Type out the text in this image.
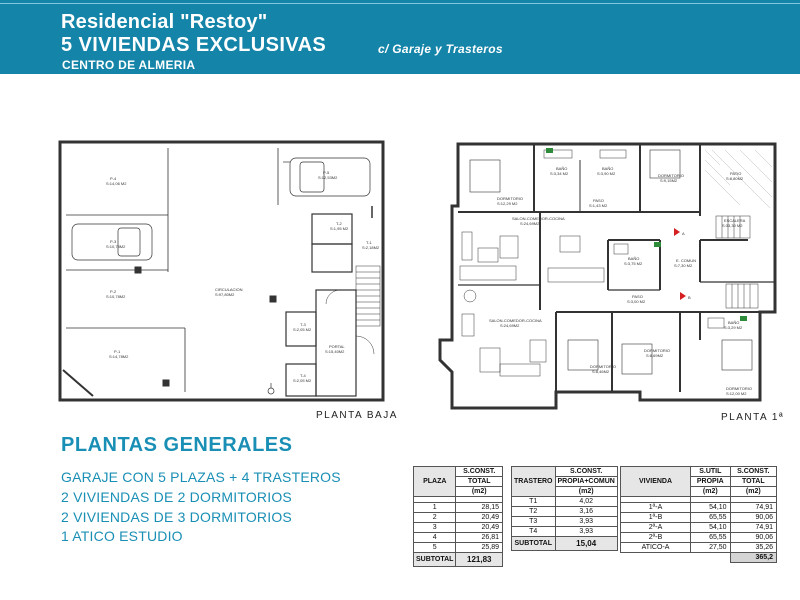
Residencial "Restoy"
5 VIVIENDAS EXCLUSIVAS
CENTRO DE ALMERIA
c/ Garaje y Trasteros
P-4
S:14,06 M2
P-5
S:12,53M2
P-3
S:10,78M2
P-2
S:10,78M2
P-1
S:14,78M2
CIRCULACION
S:97,80M2
T-2
S:1,95 M2
T-1
S:2,18M2
T-3
S:2,05 M2
PORTAL
S:15,40M2
T-4
S:2,05 M2
A
B
DORMITORIO
S:12,29 M2
BAÑO
S:3,34 M2
BAÑO
S:3,90 M2	DORMITORIO
S:9,15M2
PATIO
S:8,80M2
PASO
S:1,43 M2
SALON-COMEDOR-COCINA
S:24,69M2
ESCALERA
S:33,30 M2
BAÑO
S:3,75 M2
E. COMUN
S:7,30 M2
PASO
S:3,00 M2
BAÑO
S:3,29 M2
SALON-COMEDOR-COCINA
S:24,69M2
DORMITORIO
S:8,46M2
DORMITORIO
S:8,69M2
DORMITORIO
S:12,00 M2
PLANTA BAJA	PLANTA 1ª
PLANTAS GENERALES
GARAJE CON 5 PLAZAS + 4 TRASTEROS
2 VIVIENDAS DE 2 DORMITORIOS
2 VIVIENDAS DE 3 DORMITORIOS
1 ATICO ESTUDIO
PLAZA	S.CONST.
	TOTAL
	(m2)

1	28,15
2	20,49
3	20,49
4	26,81
5	25,89
SUBTOTAL	121,83
TRASTERO	S.CONST.
	PROPIA+COMUN
	(m2)
T1	4,02
T2	3,16
T3	3,93
T4	3,93
SUBTOTAL	15,04
VIVIENDA	S.UTIL	S.CONST.
	PROPIA	TOTAL
	(m2)	(m2)

1ª-A	54,10	74,91
1ª-B	65,55	90,06
2ª-A	54,10	74,91
2ª-B	65,55	90,06
ATICO-A	27,50	35,26
		365,2
